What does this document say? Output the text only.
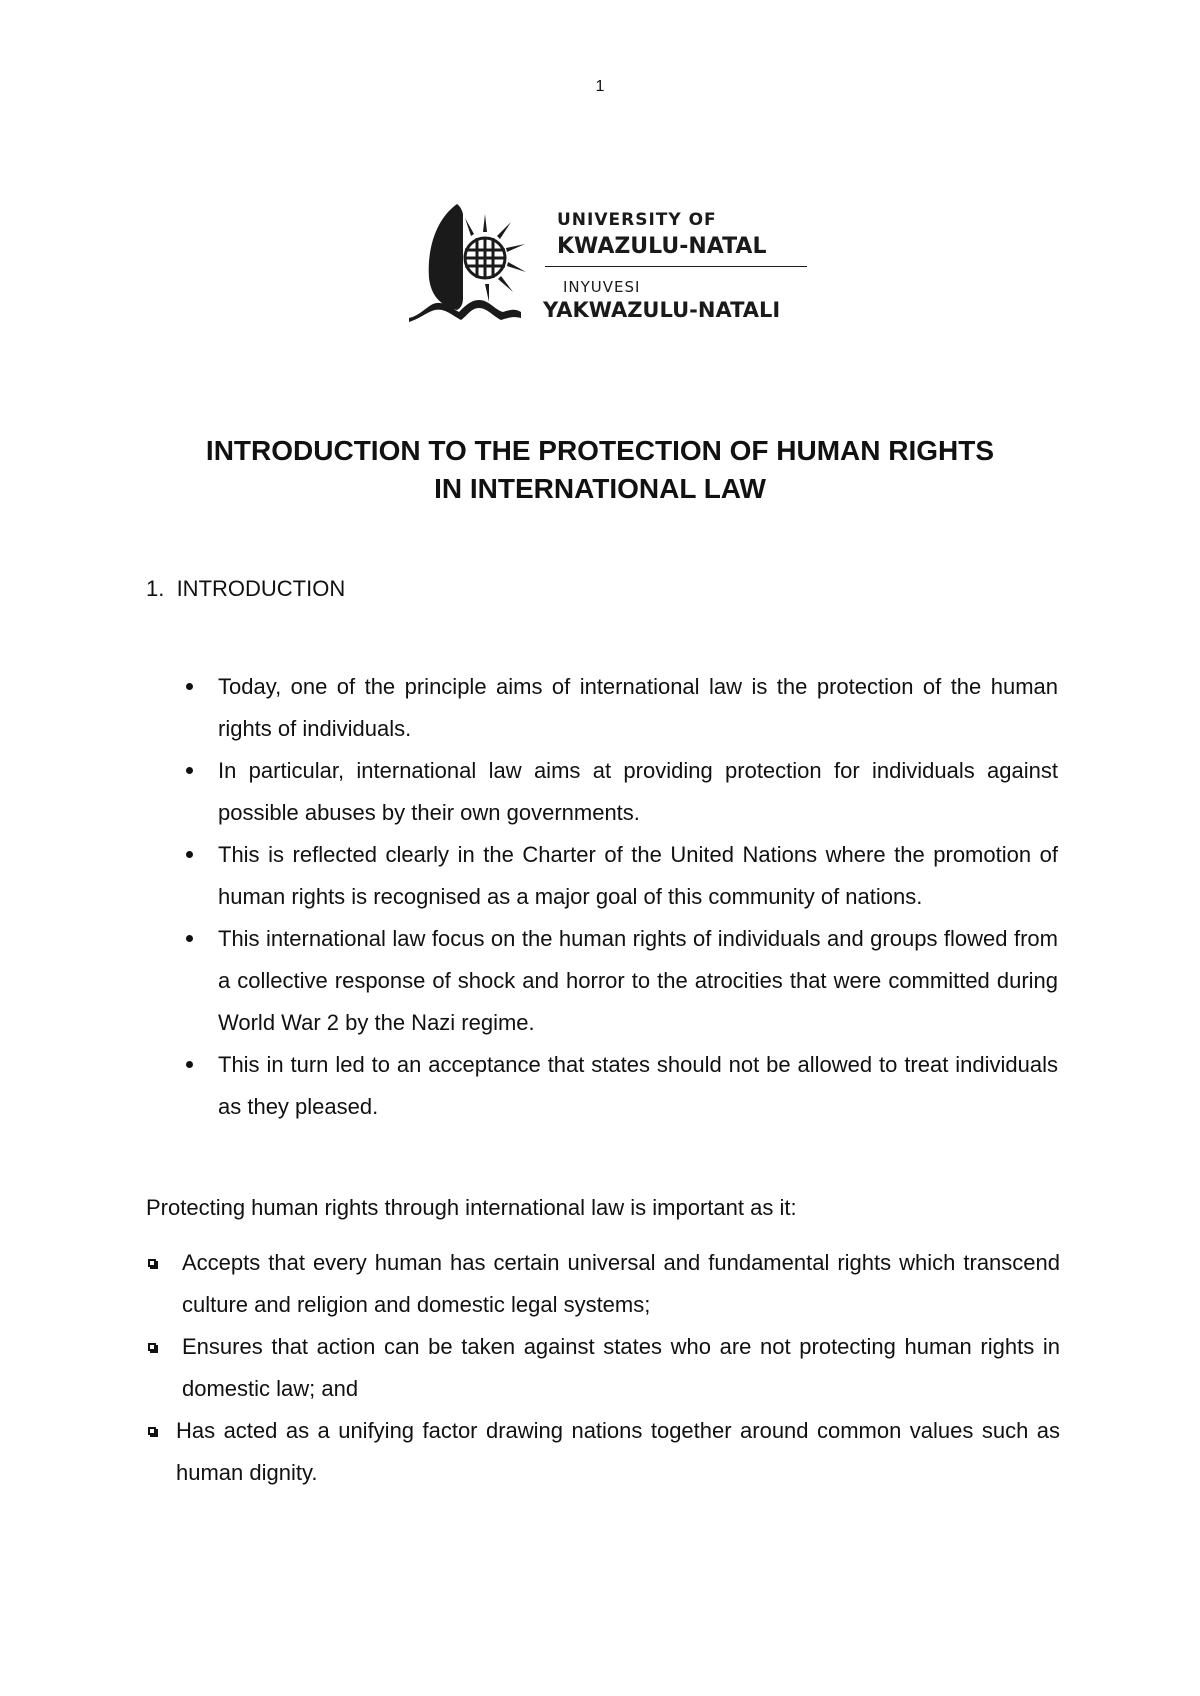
1
UNIVERSITY OF
KWAZULU-NATAL
INYUVESI
YAKWAZULU-NATALI
INTRODUCTION TO THE PROTECTION OF HUMAN RIGHTS
IN INTERNATIONAL LAW
1.  INTRODUCTION
Today, one of the principle aims of international law is the protection of the human rights of individuals.
In particular, international law aims at providing protection for individuals against possible abuses by their own governments.
This is reflected clearly in the Charter of the United Nations where the promotion of human rights is recognised as a major goal of this community of nations.
This international law focus on the human rights of individuals and groups flowed from a collective response of shock and horror to the atrocities that were committed during World War 2 by the Nazi regime.
This in turn led to an acceptance that states should not be allowed to treat individuals as they pleased.
Protecting human rights through international law is important as it:
Accepts that every human has certain universal and fundamental rights which transcend culture and religion and domestic legal systems;
Ensures that action can be taken against states who are not protecting human rights in domestic law; and
Has acted as a unifying factor drawing nations together around common values such as human dignity.
